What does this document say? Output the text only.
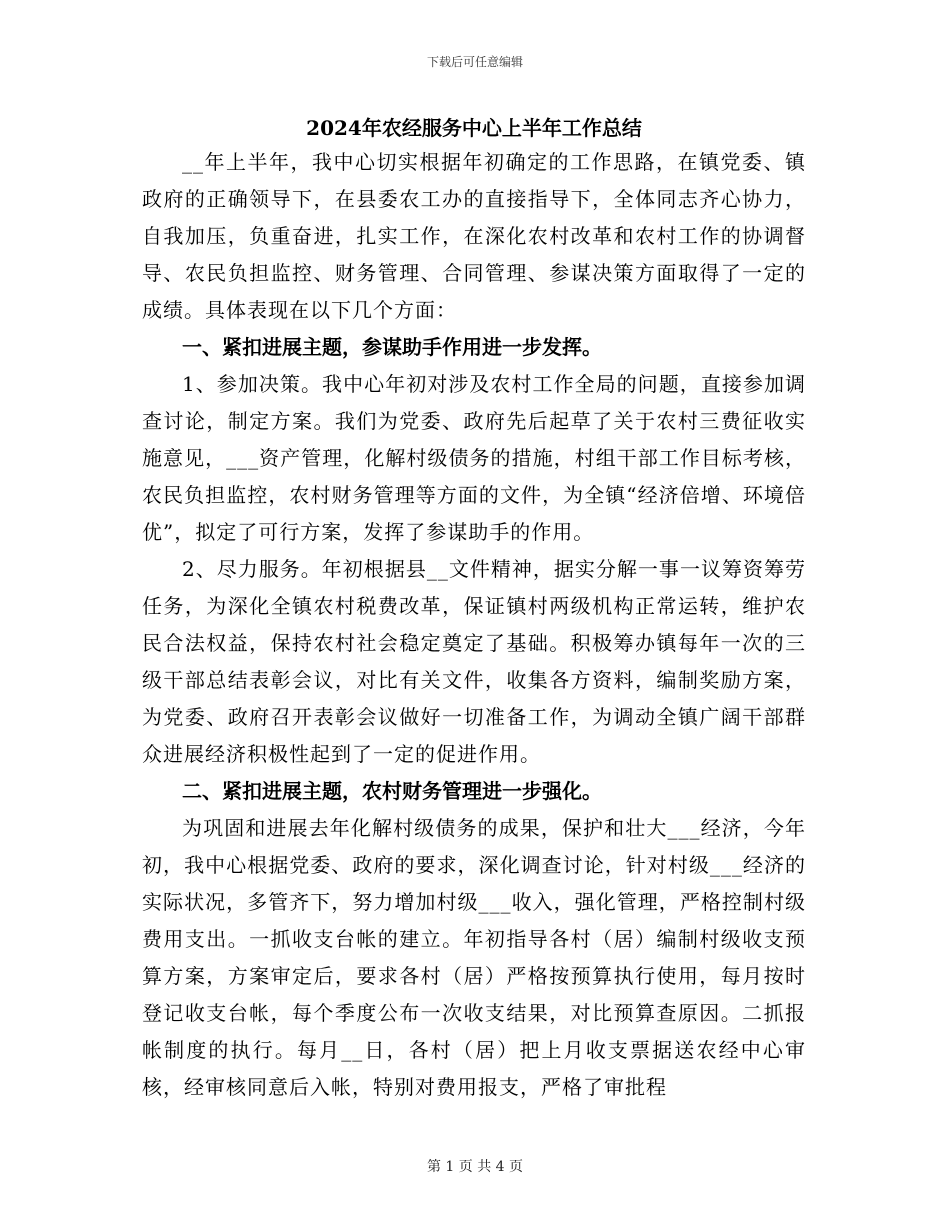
下载后可任意编辑
2024年农经服务中心上半年工作总结

__年上半年，我中心切实根据年初确定的工作思路，在镇党委、镇政府的正确领导下，在县委农工办的直接指导下，全体同志齐心协力，自我加压，负重奋进，扎实工作，在深化农村改革和农村工作的协调督导、农民负担监控、财务管理、合同管理、参谋决策方面取得了一定的成绩。具体表现在以下几个方面：

一、紧扣进展主题，参谋助手作用进一步发挥。

1、参加决策。我中心年初对涉及农村工作全局的问题，直接参加调查讨论，制定方案。我们为党委、政府先后起草了关于农村三费征收实施意见，___资产管理，化解村级债务的措施，村组干部工作目标考核，农民负担监控，农村财务管理等方面的文件，为全镇“经济倍增、环境倍优”，拟定了可行方案，发挥了参谋助手的作用。

2、尽力服务。年初根据县__文件精神，据实分解一事一议筹资筹劳任务，为深化全镇农村税费改革，保证镇村两级机构正常运转，维护农民合法权益，保持农村社会稳定奠定了基础。积极筹办镇每年一次的三级干部总结表彰会议，对比有关文件，收集各方资料，编制奖励方案，为党委、政府召开表彰会议做好一切准备工作，为调动全镇广阔干部群众进展经济积极性起到了一定的促进作用。

二、紧扣进展主题，农村财务管理进一步强化。

为巩固和进展去年化解村级债务的成果，保护和壮大___经济，今年初，我中心根据党委、政府的要求，深化调查讨论，针对村级___经济的实际状况，多管齐下，努力增加村级___收入，强化管理，严格控制村级费用支出。一抓收支台帐的建立。年初指导各村（居）编制村级收支预算方案，方案审定后，要求各村（居）严格按预算执行使用，每月按时登记收支台帐，每个季度公布一次收支结果，对比预算查原因。二抓报帐制度的执行。每月__日，各村（居）把上月收支票据送农经中心审核，经审核同意后入帐，特别对费用报支，严格了审批程

第 1 页 共 4 页
